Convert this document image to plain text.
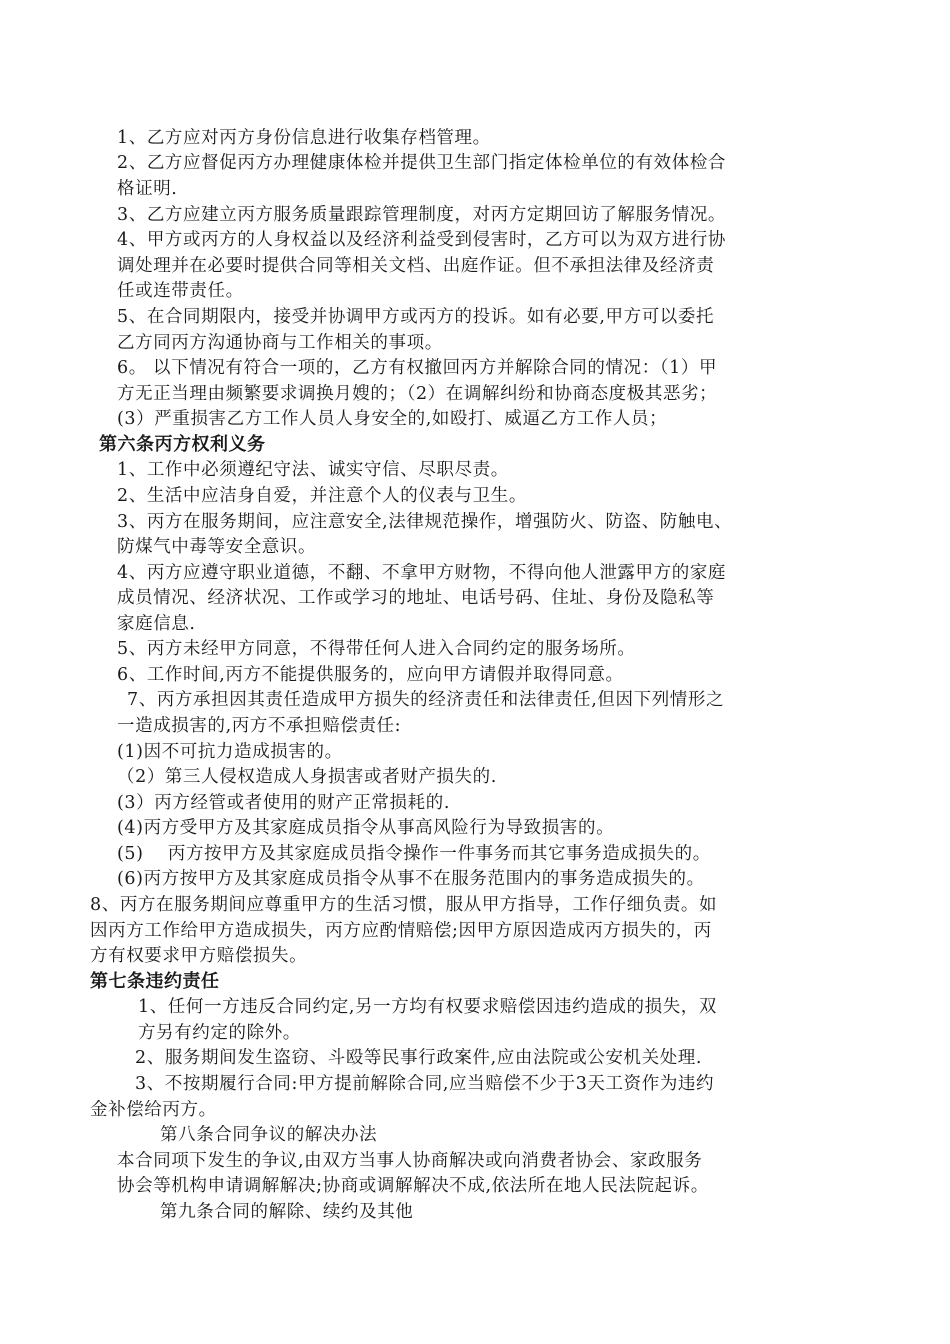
1、乙方应对丙方身份信息进行收集存档管理。
2、乙方应督促丙方办理健康体检并提供卫生部门指定体检单位的有效体检合
格证明.
3、乙方应建立丙方服务质量跟踪管理制度，对丙方定期回访了解服务情况。
4、甲方或丙方的人身权益以及经济利益受到侵害时，乙方可以为双方进行协
调处理并在必要时提供合同等相关文档、出庭作证。但不承担法律及经济责
任或连带责任。
5、在合同期限内，接受并协调甲方或丙方的投诉。如有必要,甲方可以委托
乙方同丙方沟通协商与工作相关的事项。
6。 以下情况有符合一项的，乙方有权撤回丙方并解除合同的情况：（1）甲
方无正当理由频繁要求调换月嫂的；（2）在调解纠纷和协商态度极其恶劣；
(3）严重损害乙方工作人员人身安全的,如殴打、威逼乙方工作人员；
第六条丙方权利义务
1、工作中必须遵纪守法、诚实守信、尽职尽责。
2、生活中应洁身自爱，并注意个人的仪表与卫生。
3、丙方在服务期间，应注意安全,法律规范操作，增强防火、防盗、防触电、
防煤气中毒等安全意识。
4、丙方应遵守职业道德，不翻、不拿甲方财物，不得向他人泄露甲方的家庭
成员情况、经济状况、工作或学习的地址、电话号码、住址、身份及隐私等
家庭信息.
5、丙方未经甲方同意，不得带任何人进入合同约定的服务场所。
6、工作时间,丙方不能提供服务的，应向甲方请假并取得同意。
7、丙方承担因其责任造成甲方损失的经济责任和法律责任,但因下列情形之
一造成损害的,丙方不承担赔偿责任:
(1)因不可抗力造成损害的。
（2）第三人侵权造成人身损害或者财产损失的.
(3）丙方经管或者使用的财产正常损耗的.
(4)丙方受甲方及其家庭成员指令从事高风险行为导致损害的。
(5)　 丙方按甲方及其家庭成员指令操作一件事务而其它事务造成损失的。
(6)丙方按甲方及其家庭成员指令从事不在服务范围内的事务造成损失的。
8、丙方在服务期间应尊重甲方的生活习惯，服从甲方指导，工作仔细负责。如
因丙方工作给甲方造成损失，丙方应酌情赔偿;因甲方原因造成丙方损失的，丙
方有权要求甲方赔偿损失。
第七条违约责任
1、任何一方违反合同约定,另一方均有权要求赔偿因违约造成的损失，双
方另有约定的除外。
2、服务期间发生盗窃、斗殴等民事行政案件,应由法院或公安机关处理.
3、不按期履行合同:甲方提前解除合同,应当赔偿不少于3天工资作为违约
金补偿给丙方。
第八条合同争议的解决办法
本合同项下发生的争议,由双方当事人协商解决或向消费者协会、家政服务
协会等机构申请调解解决;协商或调解解决不成,依法所在地人民法院起诉。
第九条合同的解除、续约及其他
